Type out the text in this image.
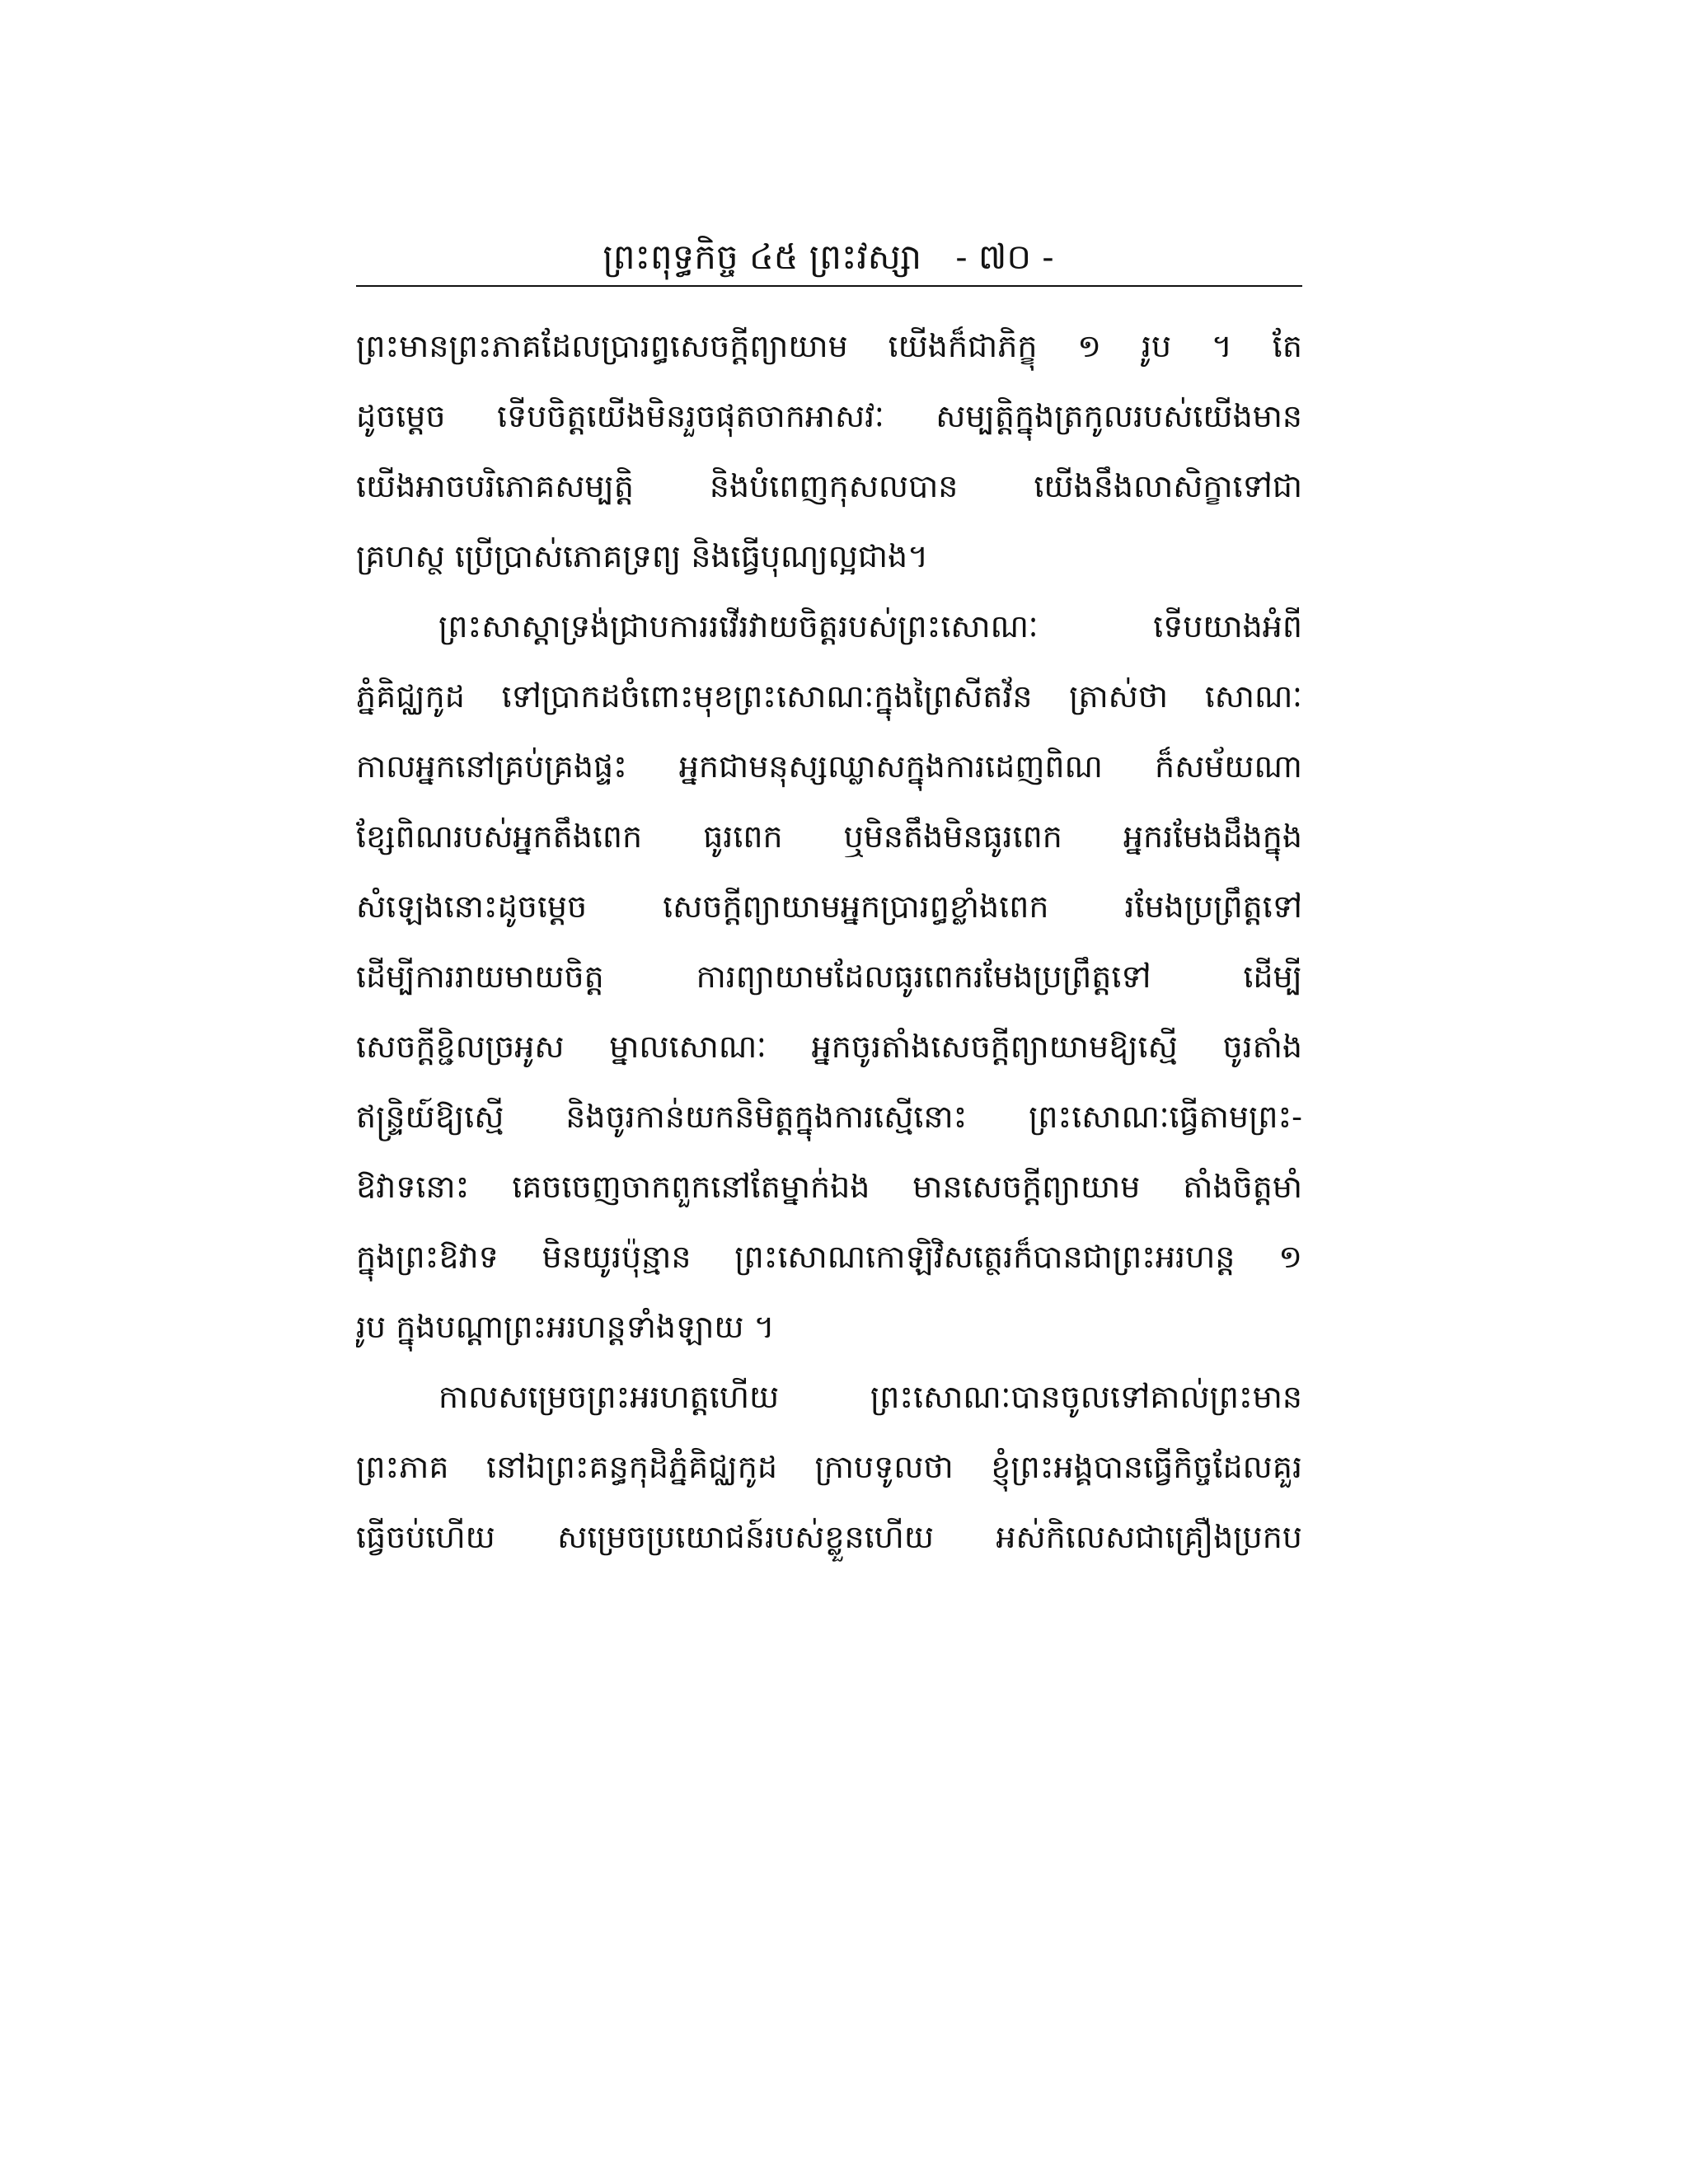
ព្រះពុទ្ធកិច្ច ៤៥ ព្រះវស្សា - ៧០ -
ព្រះមានព្រះភាគដែលប្រារព្ធសេចក្ដីព្យាយាម យើងក៏ជាភិក្ខុ ១ រូប ។ តែ
ដូចម្ដេច ទើបចិត្តយើងមិនរួចផុតចាកអាសវៈ សម្បត្តិក្នុងត្រកូលរបស់យើងមាន
យើងអាចបរិភោគសម្បត្តិ និងបំពេញកុសលបាន យើងនឹងលាសិក្ខាទៅជា
គ្រហស្ថ ប្រើប្រាស់ភោគទ្រព្យ និងធ្វើបុណ្យល្អជាង។
ព្រះសាស្ដាទ្រង់ជ្រាបការរវើរវាយចិត្តរបស់ព្រះសោណៈ ទើបយាងអំពី
ភ្នំគិជ្ឈកូដ ទៅប្រាកដចំពោះមុខព្រះសោណៈក្នុងព្រៃសីតវ័ន ត្រាស់ថា សោណៈ
កាលអ្នកនៅគ្រប់គ្រងផ្ទះ អ្នកជាមនុស្សឈ្លាសក្នុងការដេញពិណ ក៏សម័យណា
ខ្សែពិណរបស់អ្នកតឹងពេក ធូរពេក ឬមិនតឹងមិនធូរពេក អ្នករមែងដឹងក្នុង
សំឡេងនោះដូចម្ដេច សេចក្ដីព្យាយាមអ្នកប្រារព្ធខ្លាំងពេក រមែងប្រព្រឹត្តទៅ
ដើម្បីការរាយមាយចិត្ត ការព្យាយាមដែលធូរពេករមែងប្រព្រឹត្តទៅ ដើម្បី
សេចក្ដីខ្ជិលច្រអូស ម្នាលសោណៈ អ្នកចូរតាំងសេចក្ដីព្យាយាមឱ្យស្មើ ចូរតាំង
ឥន្ទ្រិយ៍ឱ្យស្មើ និងចូរកាន់យកនិមិត្តក្នុងការស្មើនោះ ព្រះសោណៈធ្វើតាមព្រះ-
ឱវាទនោះ គេចចេញចាកពួកនៅតែម្នាក់ឯង មានសេចក្ដីព្យាយាម តាំងចិត្តមាំ
ក្នុងព្រះឱវាទ មិនយូរប៉ុន្មាន ព្រះសោណកោឡិវិសត្ថេរក៏បានជាព្រះអរហន្ត ១
រូប ក្នុងបណ្ដាព្រះអរហន្តទាំងឡាយ ។
កាលសម្រេចព្រះអរហត្តហើយ ព្រះសោណៈបានចូលទៅគាល់ព្រះមាន
ព្រះភាគ នៅឯព្រះគន្ធកុដិភ្នំគិជ្ឈកូដ ក្រាបទូលថា ខ្ញុំព្រះអង្គបានធ្វើកិច្ចដែលគួរ
ធ្វើចប់ហើយ សម្រេចប្រយោជន៍របស់ខ្លួនហើយ អស់កិលេសជាគ្រឿងប្រកប
